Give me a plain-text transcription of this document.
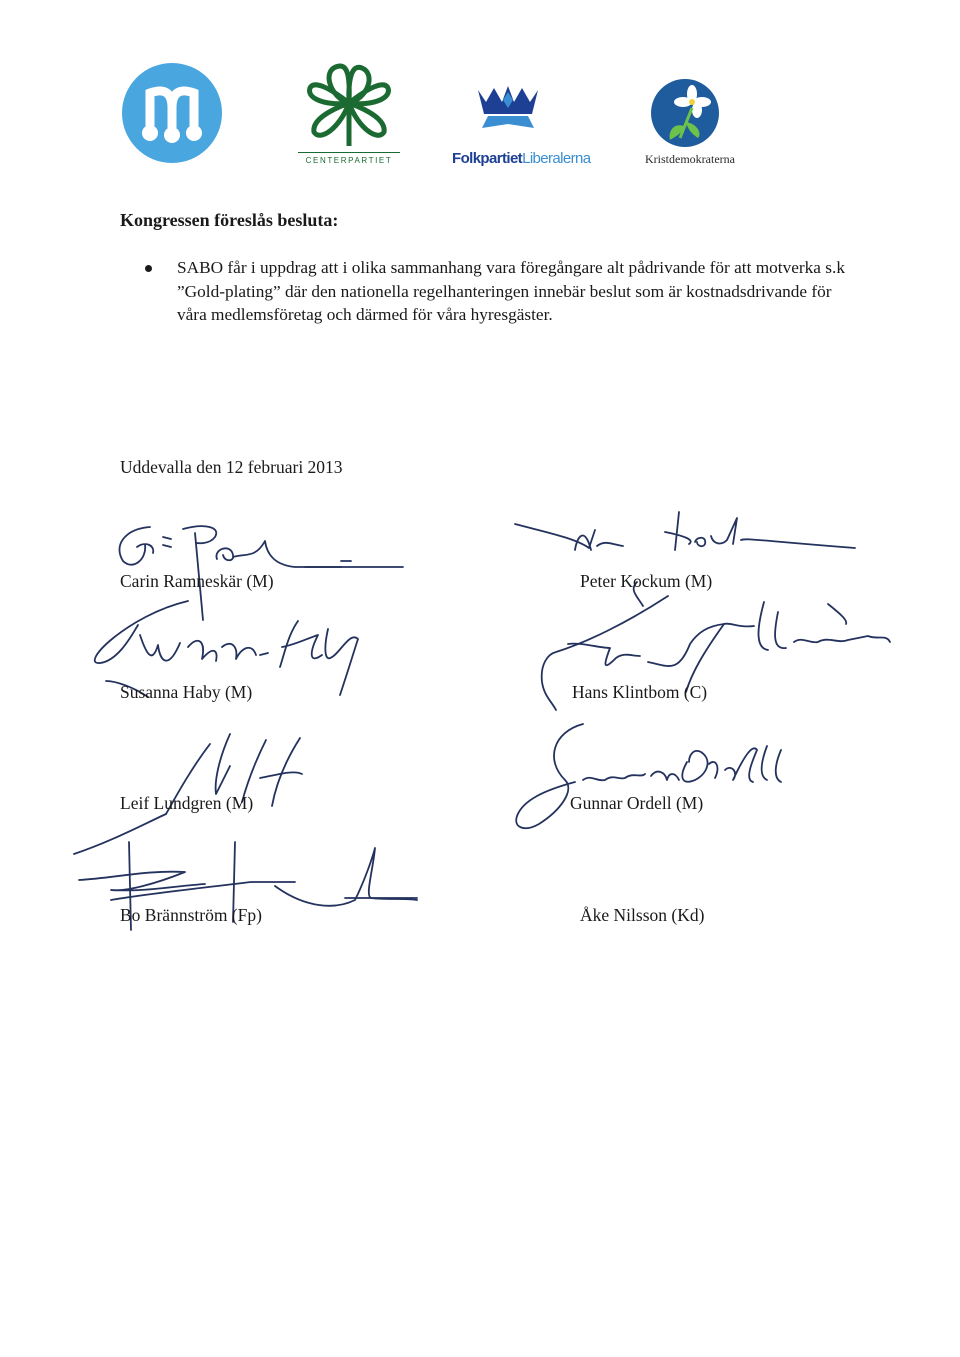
CENTERPARTIET	FolkpartietLiberalerna	Kristdemokraterna
Kongressen föreslås besluta:
SABO får i uppdrag att i olika sammanhang vara föregångare alt pådrivande för att motverka s.k ”Gold-plating” där den nationella regelhanteringen innebär beslut som är kostnadsdrivande för våra medlemsföretag och därmed för våra hyresgäster.
Uddevalla den 12 februari 2013
Carin Ramneskär (M)	Peter Kockum (M)
Susanna Haby (M)	Hans Klintbom (C)
Leif Lundgren (M)	Gunnar Ordell (M)
Bo Brännström (Fp)	Åke Nilsson (Kd)
